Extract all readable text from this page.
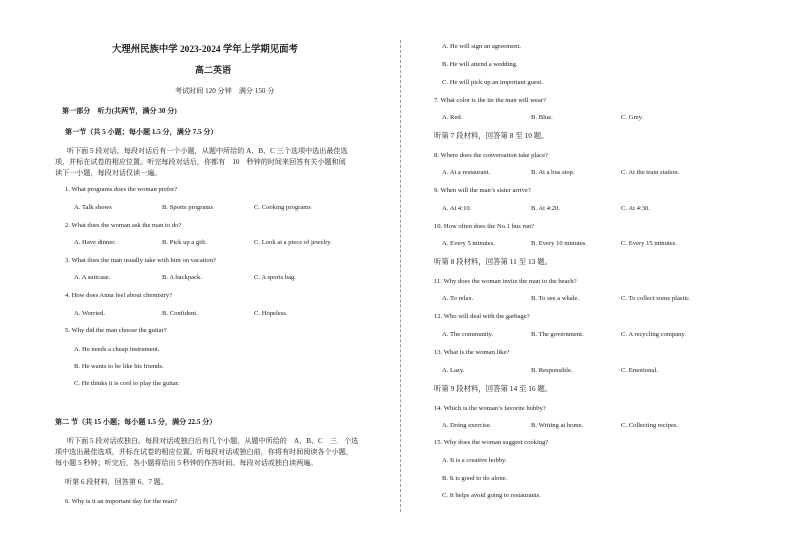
大理州民族中学 2023-2024 学年上学期见面考
高二英语
考试时间 120 分钟　满分 150 分
第一部分　听力(共两节，满分 30 分)
第一节（共 5 小题；每小题 1.5 分，满分 7.5 分）
听下面 5 段对话。每段对话后有一个小题，从题中所给的 A、B、C 三个选项中选出最佳选
项，并标在试卷的相应位置。听完每段对话后，你都有　10　秒钟的时间来回答有关小题和阅
读下一小题，每段对话仅读一遍。
1. What programs does the woman prefer?
A. Talk shows	B. Sports programs	C. Cooking programs
2. What does the woman ask the man to do?
A. Have dinner.	B. Pick up a gift.	C. Look at a piece of jewelry.
3. What does the man usually take with him on vacation?
A. A suitcase.	B. A backpack.	C. A sports bag.
4. How does Anna feel about chemistry?
A. Worried.	B. Confident.	C. Hopeless.
5. Why did the man choose the guitar?
A. He needs a cheap instrument.
B. He wants to be like his friends.
C. He thinks it is cool to play the guitar.
第二 节（共 15 小题；每小题 1.5 分，满分 22.5 分）
听下面 5 段对话或独白。每段对话或独白后有几个小题，从题中所给的　A、B、C　三　个选
项中选出最佳选项，并标在试卷的相应位置。听每段对话或独白前，你将有时间阅读各个小题，
每小题 5 秒钟；听完后，各小题将给出 5 秒钟的作答时间。每段对话或独白读两遍。
听第 6 段材料，回答第 6、7 题。
6. Why is it an important day for the man?
A. He will sign an agreement.
B. He will attend a wedding.
C. He will pick up an important guest.
7. What color is the tie the man will wear?
A. Red.	B. Blue.	C. Grey.
听第 7 段材料，回答第 8 至 10 题。
8. Where does the conversation take place?
A. At a restaurant.	B. At a bus stop.	C. At the train station.
9. When will the man’s sister arrive?
A. At 4:10.	B. At 4:20.	C. At 4:30.
10. How often does the No.1 bus run?
A. Every 5 minutes.	B. Every 10 minutes.	C. Every 15 minutes.
听第 8 段材料，回答第 11 至 13 题。
11. Why does the woman invite the man to the beach?
A. To relax.	B. To see a whale.	C. To collect some plastic.
12. Who will deal with the garbage?
A. The community.	B. The government.	C. A recycling company.
13. What is the woman like?
A. Lazy.	B. Responsible.	C. Emotional.
听第 9 段材料，回答第 14 至 16 题。
14. Which is the woman’s favorite hobby?
A. Doing exercise.	B. Writing at home.	C. Collecting recipes.
15. Why does the woman suggest cooking?
A. It is a creative hobby.
B. It is good to do alone.
C. It helps avoid going to restaurants.
